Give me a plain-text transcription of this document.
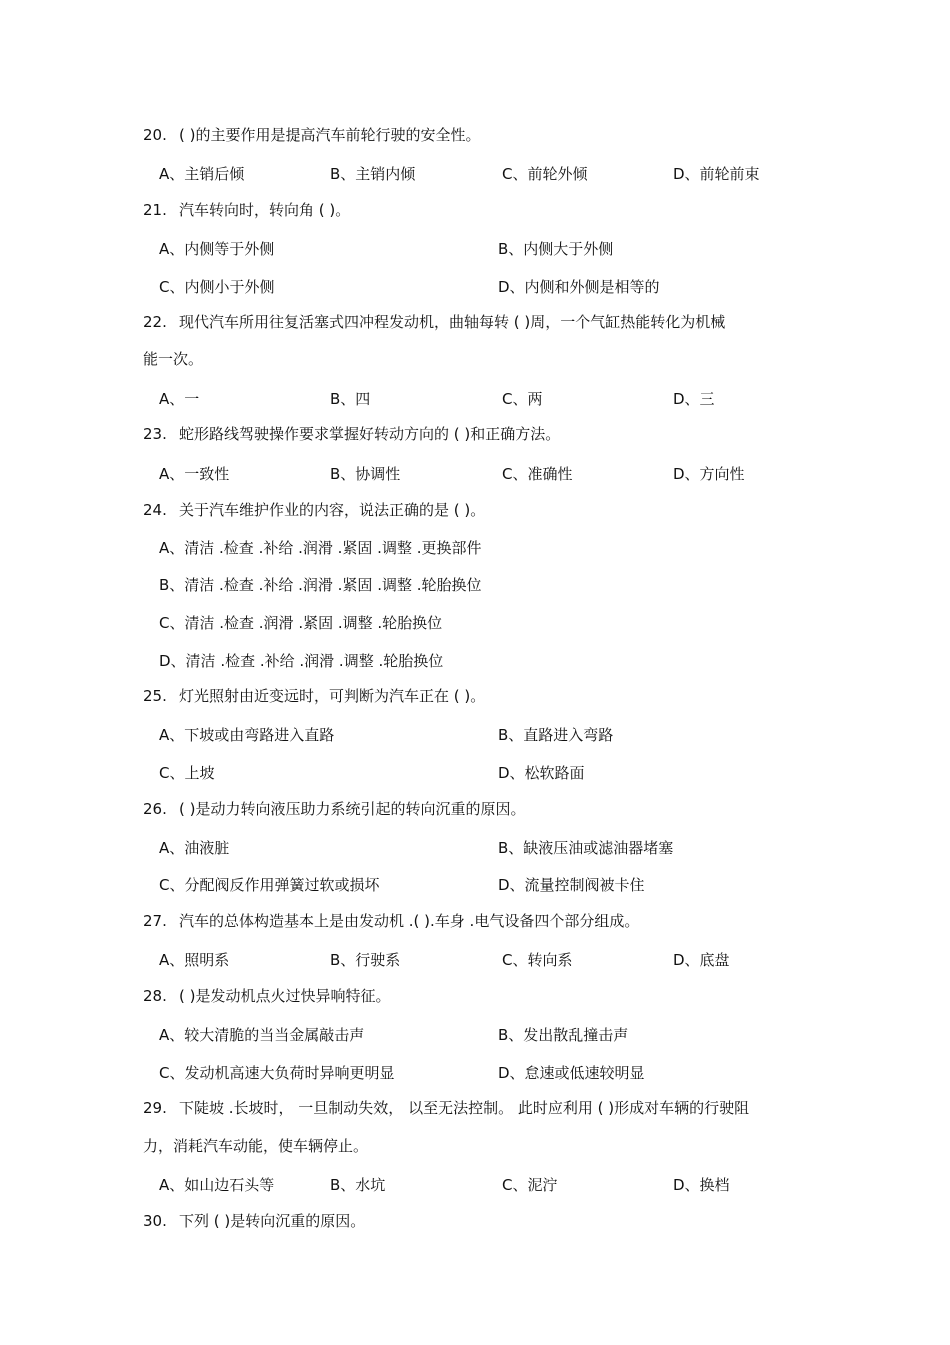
20. ( )的主要作用是提高汽车前轮行驶的安全性。
A、主销后倾	B、主销内倾	C、前轮外倾	D、前轮前束
21. 汽车转向时，转向角 ( )。
A、内侧等于外侧	B、内侧大于外侧
C、内侧小于外侧	D、内侧和外侧是相等的
22. 现代汽车所用往复活塞式四冲程发动机，曲轴每转 ( )周，一个气缸热能转化为机械
能一次。
A、一	B、四	C、两	D、三
23. 蛇形路线驾驶操作要求掌握好转动方向的 ( )和正确方法。
A、一致性	B、协调性	C、准确性	D、方向性
24. 关于汽车维护作业的内容，说法正确的是 ( )。
A、清洁 .检查 .补给 .润滑 .紧固 .调整 .更换部件
B、清洁 .检查 .补给 .润滑 .紧固 .调整 .轮胎换位
C、清洁 .检查 .润滑 .紧固 .调整 .轮胎换位
D、清洁 .检查 .补给 .润滑 .调整 .轮胎换位
25. 灯光照射由近变远时，可判断为汽车正在 ( )。
A、下坡或由弯路进入直路	B、直路进入弯路
C、上坡	D、松软路面
26. ( )是动力转向液压助力系统引起的转向沉重的原因。
A、油液脏	B、缺液压油或滤油器堵塞
C、分配阀反作用弹簧过软或损坏	D、流量控制阀被卡住
27. 汽车的总体构造基本上是由发动机 .( ).车身 .电气设备四个部分组成。
A、照明系	B、行驶系	C、转向系	D、底盘
28. ( )是发动机点火过快异响特征。
A、较大清脆的当当金属敲击声	B、发出散乱撞击声
C、发动机高速大负荷时异响更明显	D、怠速或低速较明显
29. 下陡坡 .长坡时， 一旦制动失效， 以至无法控制。 此时应利用 ( )形成对车辆的行驶阻
力，消耗汽车动能，使车辆停止。
A、如山边石头等	B、水坑	C、泥泞	D、换档
30. 下列 ( )是转向沉重的原因。
